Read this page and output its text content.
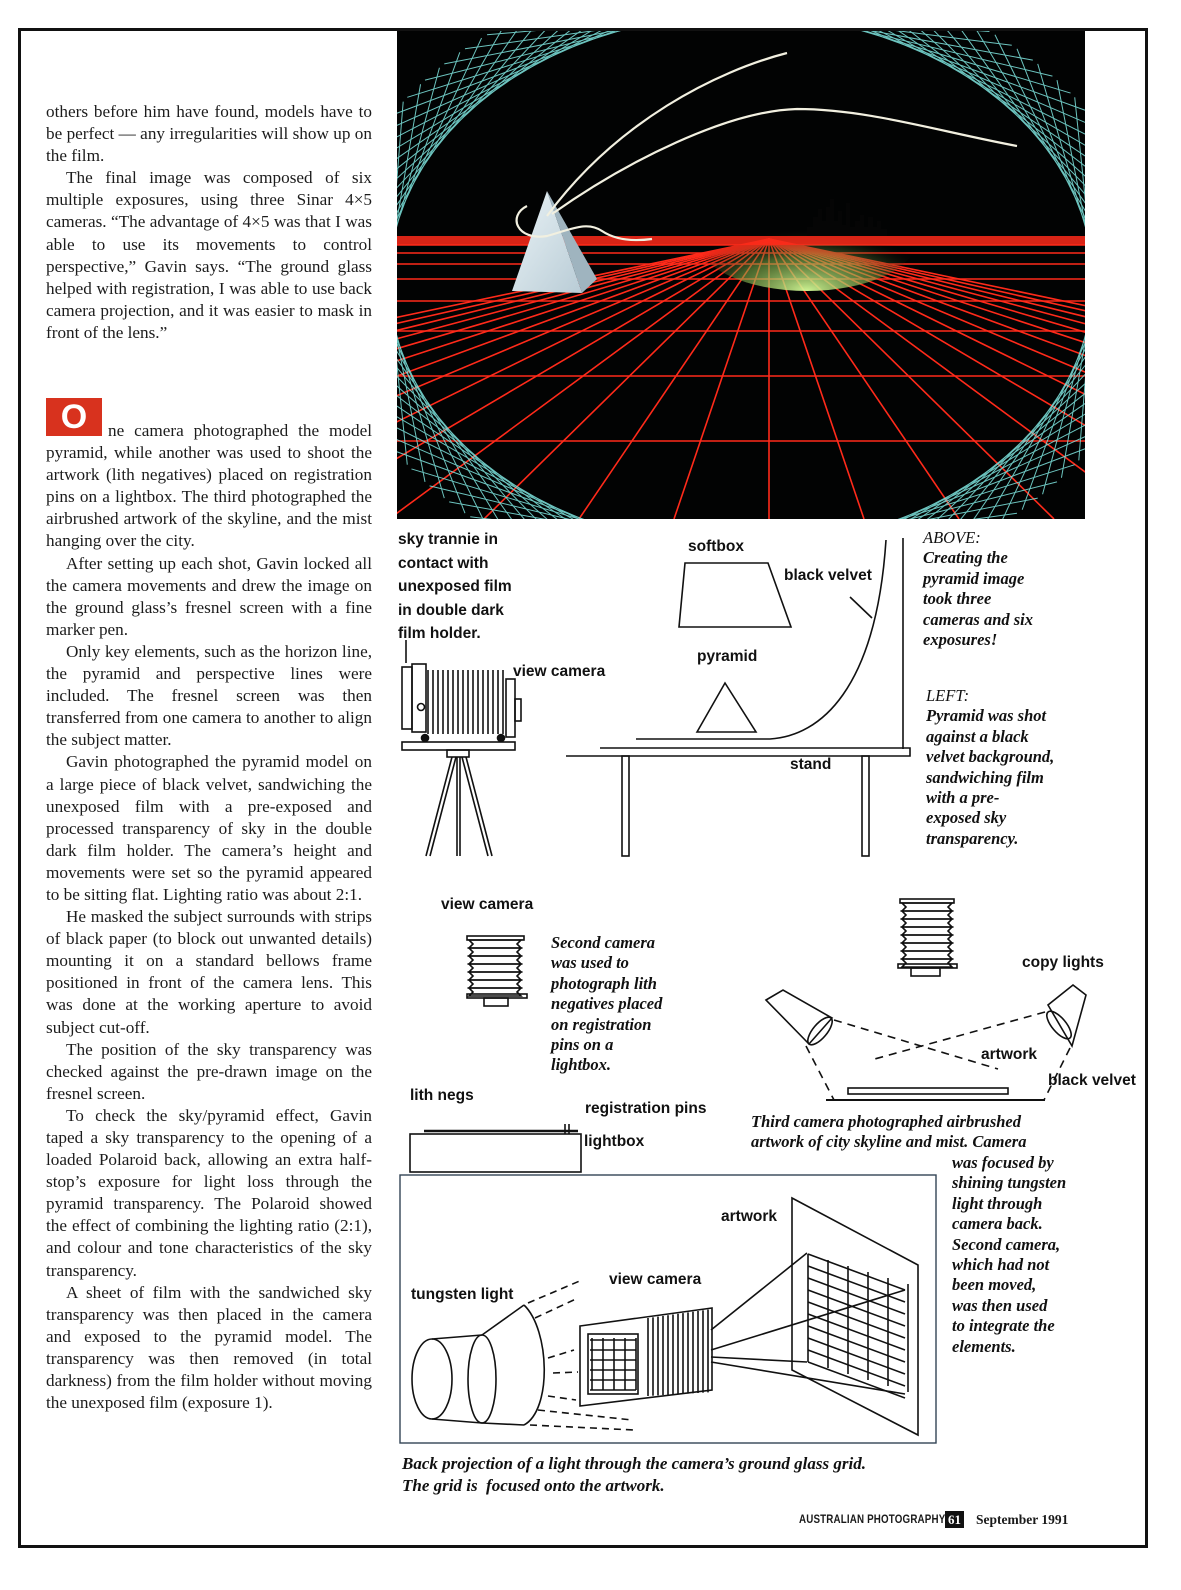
others before him have found, models have to be perfect — any irregularities will show up on the film.

The final image was composed of six multiple exposures, using three Sinar 4×5 cameras. “The advantage of 4×5 was that I was able to use its movements to control perspective,” Gavin says. “The ground glass helped with registration, I was able to use back camera projection, and it was easier to mask in front of the lens.”

O	ne camera photographed the model pyramid, while another was used to shoot the artwork (lith negatives) placed on registration pins on a lightbox. The third photographed the airbrushed artwork of the skyline, and the mist hanging over the city.

After setting up each shot, Gavin locked all the camera movements and drew the image on the ground glass’s fresnel screen with a fine marker pen.

Only key elements, such as the horizon line, the pyramid and perspective lines were included. The fresnel screen was then transferred from one camera to another to align the subject matter.

Gavin photographed the pyramid model on a large piece of black velvet, sandwiching the unexposed film with a pre-exposed and processed transparency of sky in the double dark film holder. The camera’s height and movements were set so the pyramid appeared to be sitting flat. Lighting ratio was about 2:1.

He masked the subject surrounds with strips of black paper (to block out unwanted details) mounting it on a standard bellows frame positioned in front of the camera lens. This was done at the working aperture to avoid subject cut-off.

The position of the sky transparency was checked against the pre-drawn image on the fresnel screen.

To check the sky/pyramid effect, Gavin taped a sky transparency to the opening of a loaded Polaroid back, allowing an extra half-stop’s exposure for light loss through the pyramid transparency. The Polaroid showed the effect of combining the lighting ratio (2:1), and colour and tone characteristics of the sky transparency.

A sheet of film with the sandwiched sky transparency was then placed in the camera and exposed to the pyramid model. The transparency was then removed (in total darkness) from the film holder without moving the unexposed film (exposure 1).

sky trannie in
contact with
unexposed film
in double dark
film holder.
softbox
black velvet
pyramid
view camera
stand
ABOVE:
Creating the
pyramid image
took three
cameras and six
exposures!
LEFT:
Pyramid was shot
against a black
velvet background,
sandwiching film
with a pre-
exposed sky
transparency.
view camera
Second camera
was used to
photograph lith
negatives placed
on registration
pins on a
lightbox.
lith negs
registration pins
lightbox
copy lights
artwork
black velvet
Third camera photographed airbrushed
artwork of city skyline and mist. Camera
was focused by
shining tungsten
light through
camera back.
Second camera,
which had not
been moved,
was then used
to integrate the
elements.
artwork
view camera
tungsten light
Back projection of a light through the camera’s ground glass grid.
The grid is  focused onto the artwork.
AUSTRALIAN PHOTOGRAPHY 61 September 1991
